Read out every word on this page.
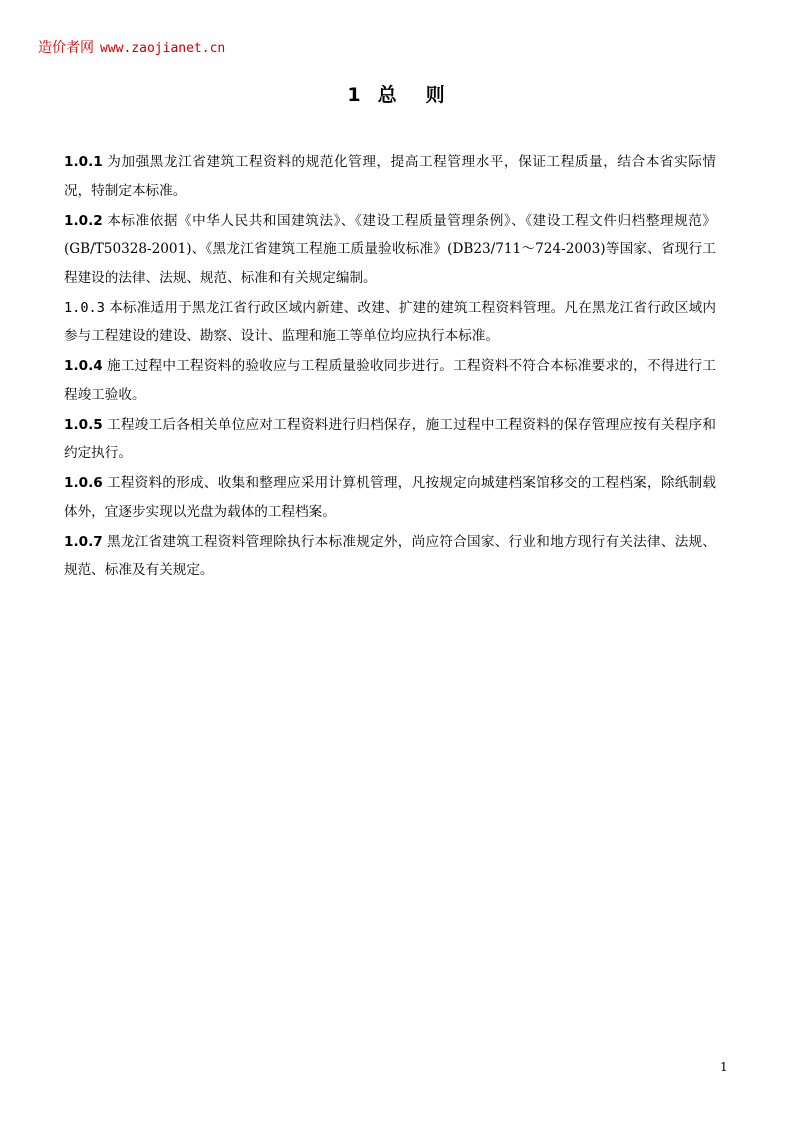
造价者网 www.zaojianet.cn
1 总 则

1.0.1 为加强黑龙江省建筑工程资料的规范化管理，提高工程管理水平，保证工程质量，结合本省实际情况，特制定本标准。

1.0.2 本标准依据《中华人民共和国建筑法》、《建设工程质量管理条例》、《建设工程文件归档整理规范》(GB/T50328-2001)、《黑龙江省建筑工程施工质量验收标准》(DB23/711～724-2003)等国家、省现行工程建设的法律、法规、规范、标准和有关规定编制。

1.0.3 本标准适用于黑龙江省行政区域内新建、改建、扩建的建筑工程资料管理。凡在黑龙江省行政区域内参与工程建设的建设、勘察、设计、监理和施工等单位均应执行本标准。

1.0.4 施工过程中工程资料的验收应与工程质量验收同步进行。工程资料不符合本标准要求的，不得进行工程竣工验收。

1.0.5 工程竣工后各相关单位应对工程资料进行归档保存，施工过程中工程资料的保存管理应按有关程序和约定执行。

1.0.6 工程资料的形成、收集和整理应采用计算机管理，凡按规定向城建档案馆移交的工程档案，除纸制载体外，宜逐步实现以光盘为载体的工程档案。

1.0.7 黑龙江省建筑工程资料管理除执行本标准规定外，尚应符合国家、行业和地方现行有关法律、法规、规范、标准及有关规定。

1
